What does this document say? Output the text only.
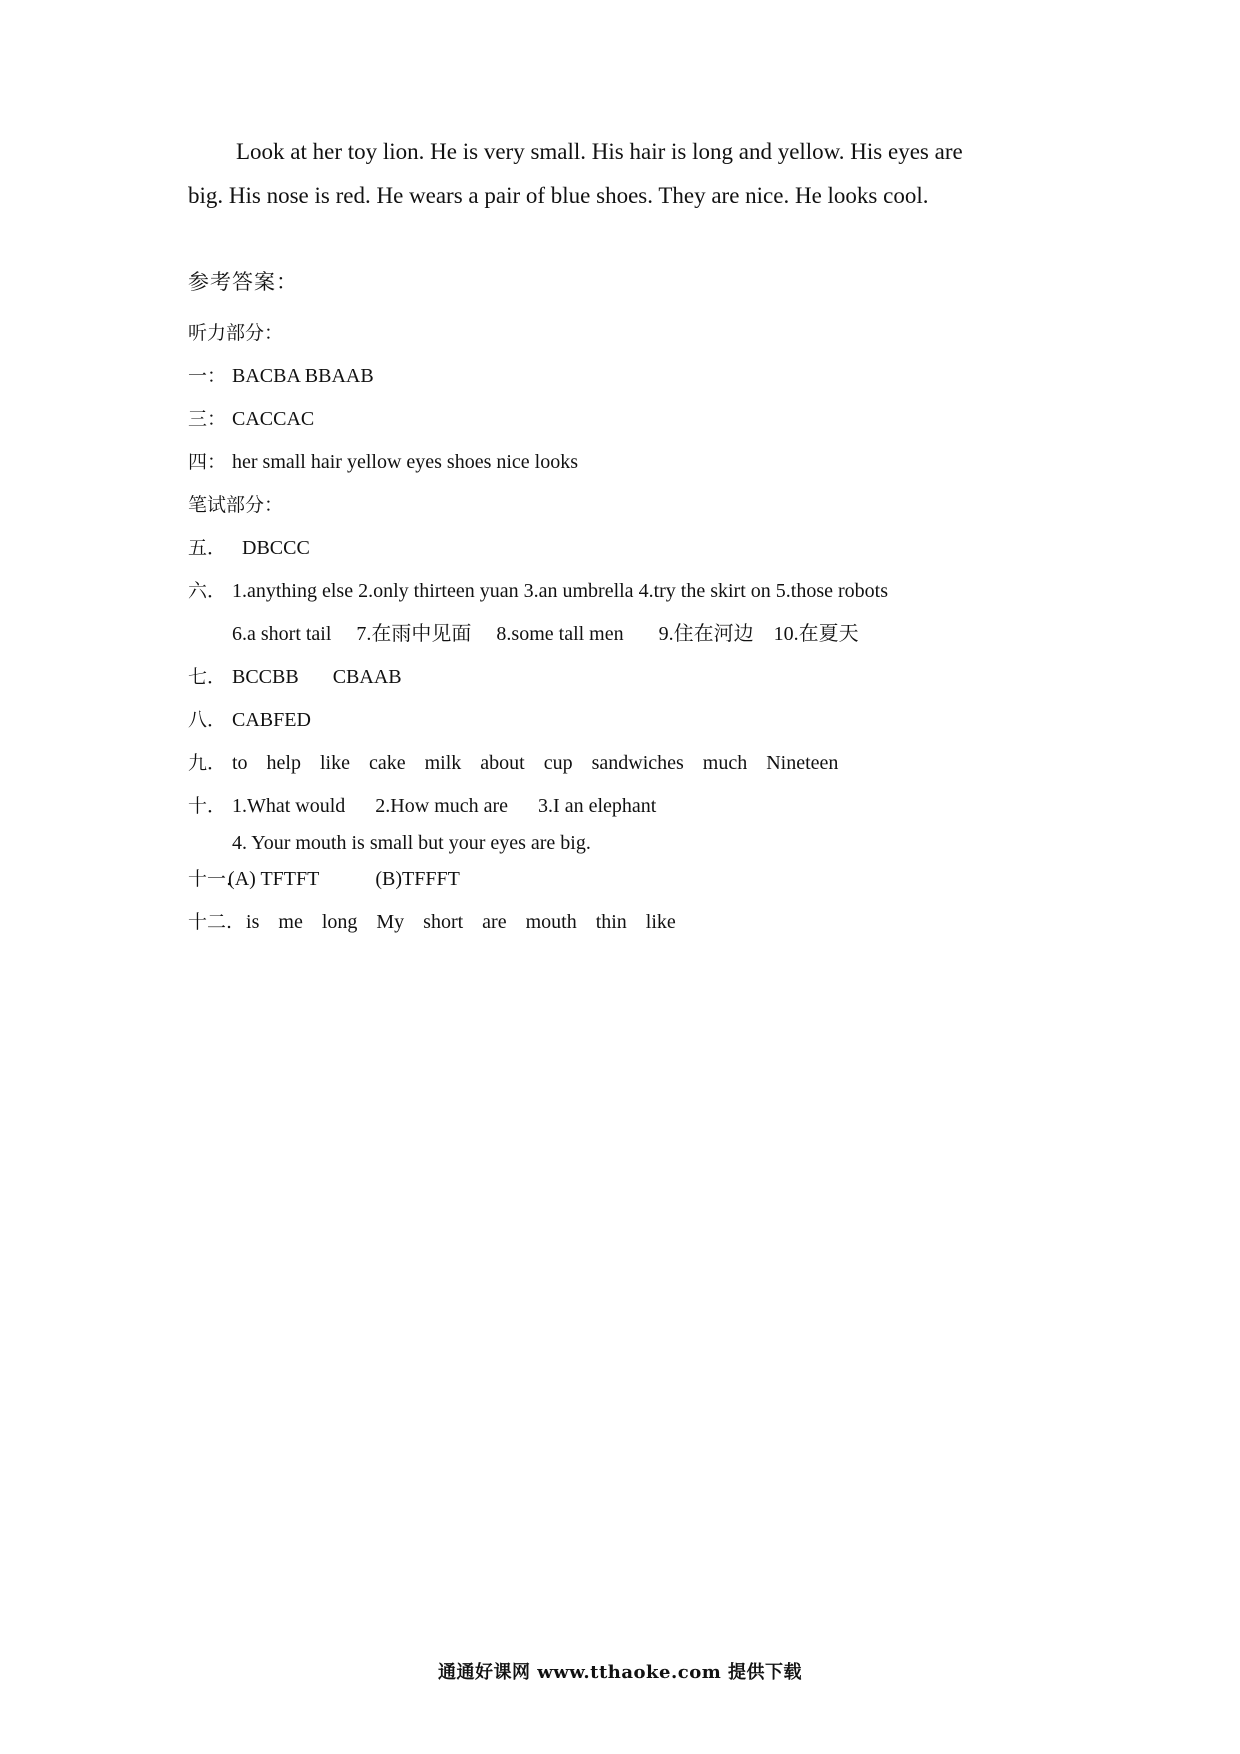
Look at her toy lion. He is very small. His hair is long and yellow. His eyes are
big. His nose is red. He wears a pair of blue shoes. They are nice. He looks cool.
参考答案：
听力部分：
一： BACBA BBAAB
三： CACCAC
四： her small hair yellow eyes shoes nice looks
笔试部分：
五． DBCCC
六． 1.anything else 2.only thirteen yuan 3.an umbrella 4.try the skirt on 5.those robots
6.a short tail     7.在雨中见面     8.some tall men       9.住在河边    10.在夏天
七． BCCBB CBAAB
八． CABFED
九． to help like cake milk about cup sandwiches much Nineteen
十． 1.What would      2.How much are      3.I an elephant
4. Your mouth is small but your eyes are big.
十一.
(A) TFTFT	(B)TFFFT
十二. is me long My short are mouth thin like
通通好课网 www.tthaoke.com 提供下载
